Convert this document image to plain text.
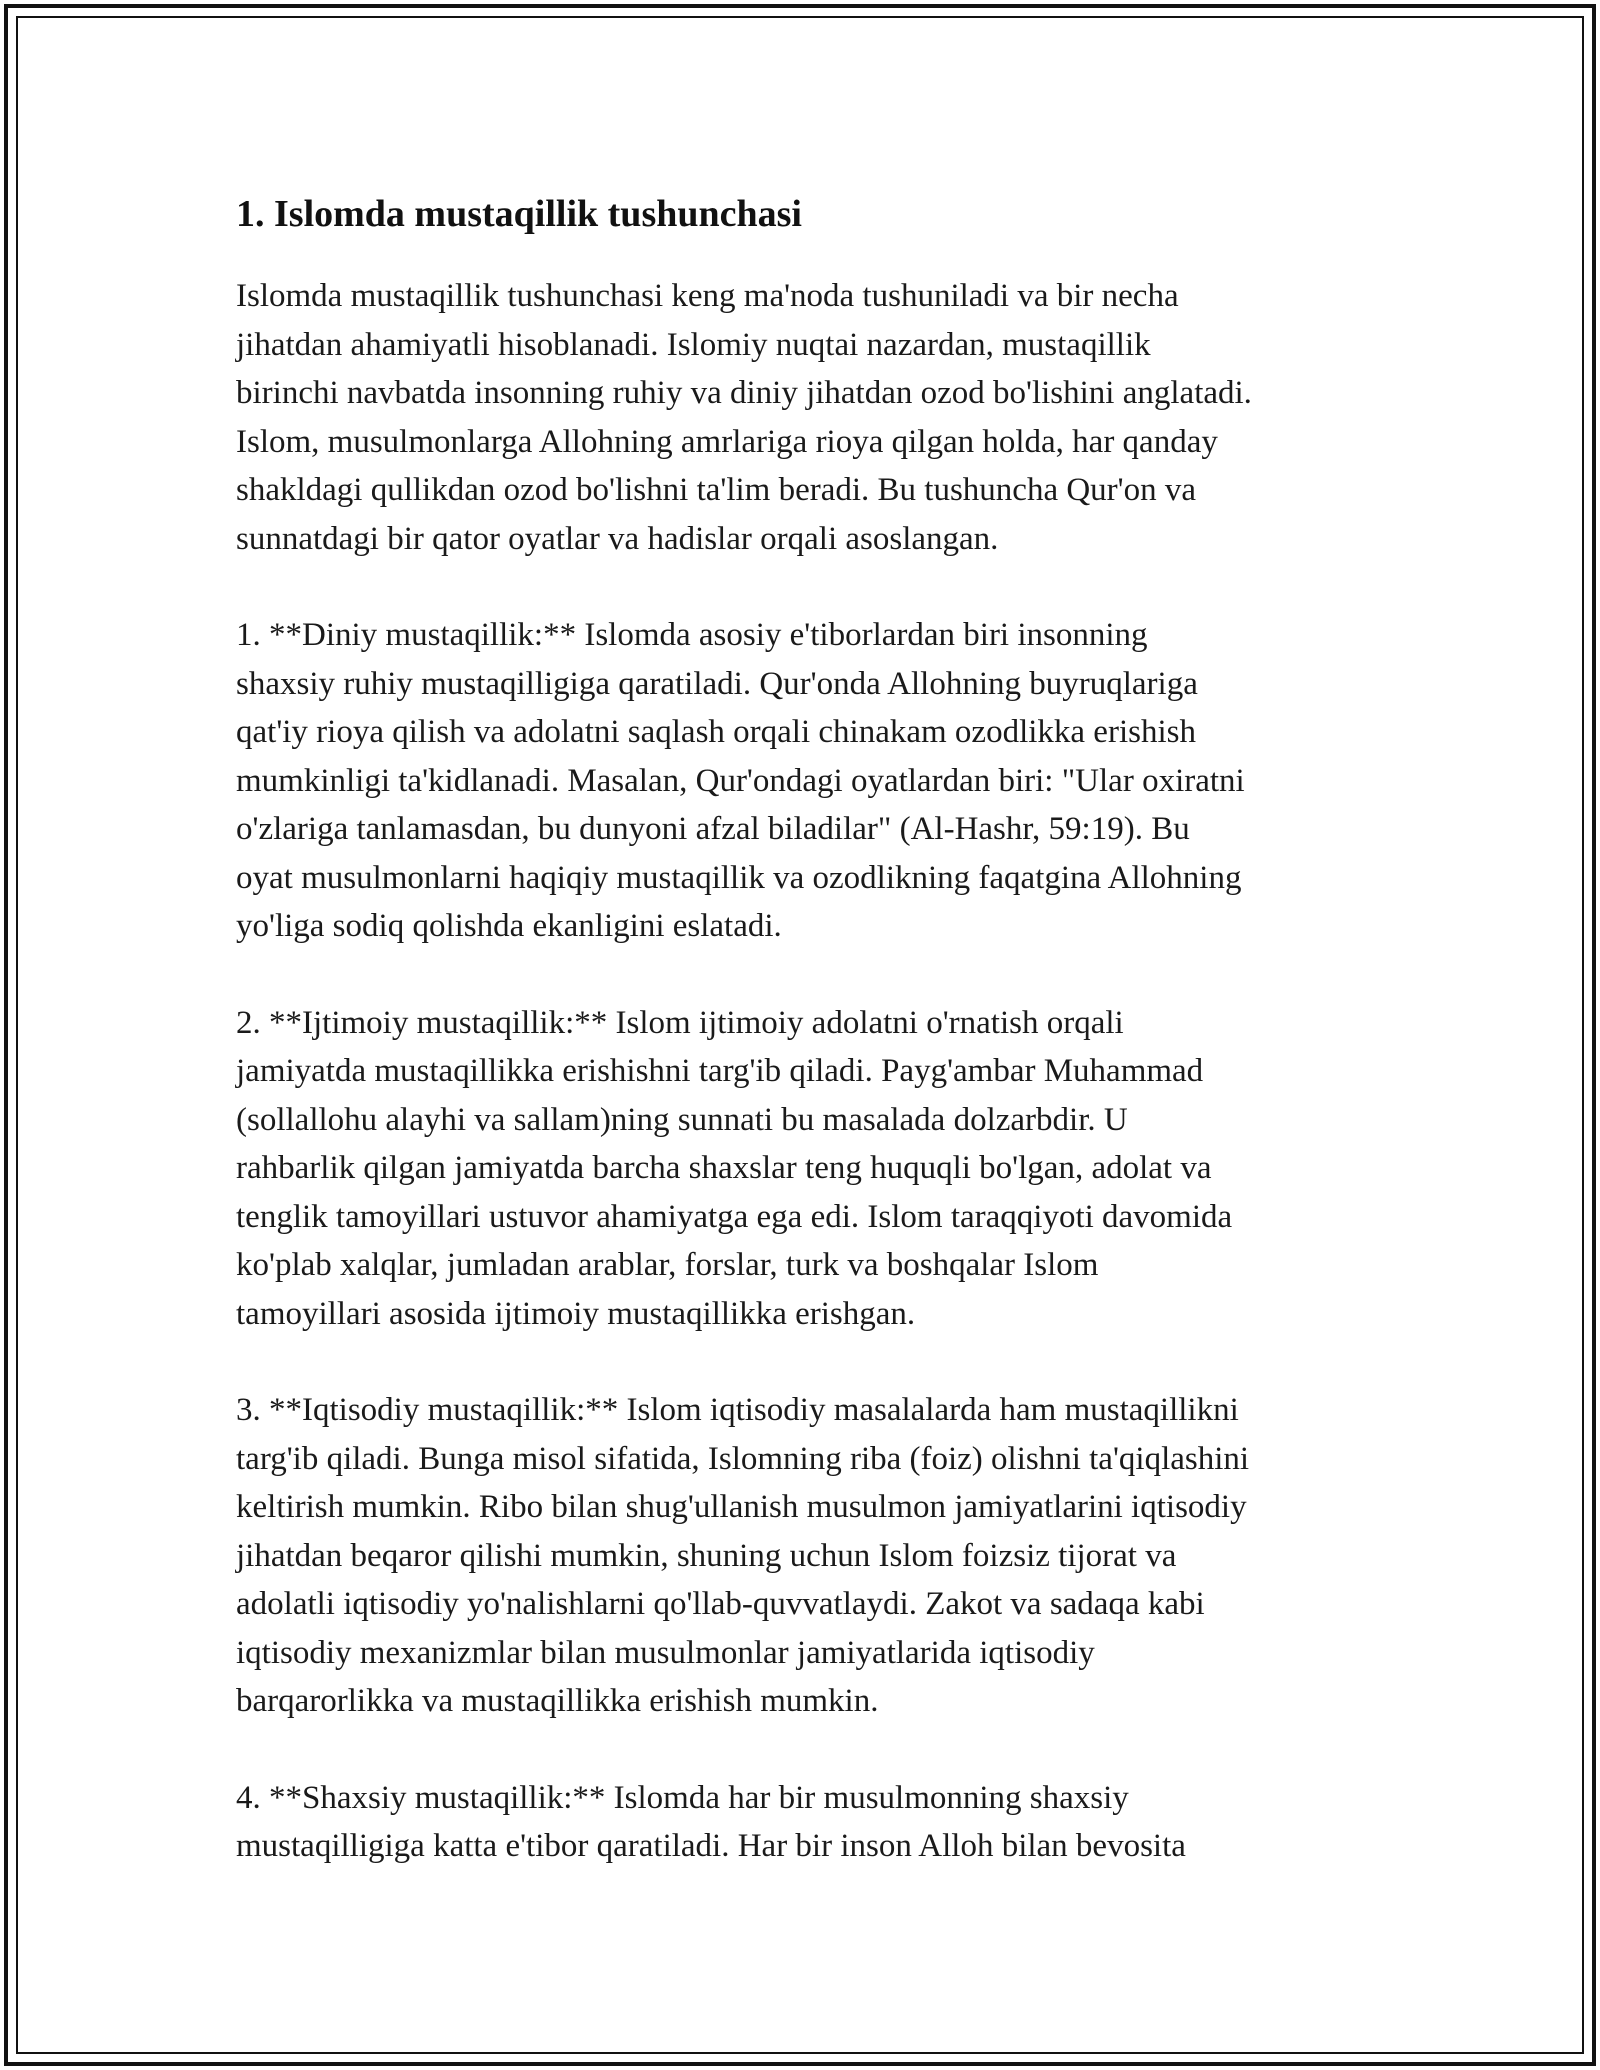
1. Islomda mustaqillik tushunchasi

Islomda mustaqillik tushunchasi keng ma'noda tushuniladi va bir necha
jihatdan ahamiyatli hisoblanadi. Islomiy nuqtai nazardan, mustaqillik
birinchi navbatda insonning ruhiy va diniy jihatdan ozod bo'lishini anglatadi.
Islom, musulmonlarga Allohning amrlariga rioya qilgan holda, har qanday
shakldagi qullikdan ozod bo'lishni ta'lim beradi. Bu tushuncha Qur'on va
sunnatdagi bir qator oyatlar va hadislar orqali asoslangan.

1. **Diniy mustaqillik:** Islomda asosiy e'tiborlardan biri insonning
shaxsiy ruhiy mustaqilligiga qaratiladi. Qur'onda Allohning buyruqlariga
qat'iy rioya qilish va adolatni saqlash orqali chinakam ozodlikka erishish
mumkinligi ta'kidlanadi. Masalan, Qur'ondagi oyatlardan biri: "Ular oxiratni
o'zlariga tanlamasdan, bu dunyoni afzal biladilar" (Al-Hashr, 59:19). Bu
oyat musulmonlarni haqiqiy mustaqillik va ozodlikning faqatgina Allohning
yo'liga sodiq qolishda ekanligini eslatadi.

2. **Ijtimoiy mustaqillik:** Islom ijtimoiy adolatni o'rnatish orqali
jamiyatda mustaqillikka erishishni targ'ib qiladi. Payg'ambar Muhammad
(sollallohu alayhi va sallam)ning sunnati bu masalada dolzarbdir. U
rahbarlik qilgan jamiyatda barcha shaxslar teng huquqli bo'lgan, adolat va
tenglik tamoyillari ustuvor ahamiyatga ega edi. Islom taraqqiyoti davomida
ko'plab xalqlar, jumladan arablar, forslar, turk va boshqalar Islom
tamoyillari asosida ijtimoiy mustaqillikka erishgan.

3. **Iqtisodiy mustaqillik:** Islom iqtisodiy masalalarda ham mustaqillikni
targ'ib qiladi. Bunga misol sifatida, Islomning riba (foiz) olishni ta'qiqlashini
keltirish mumkin. Ribo bilan shug'ullanish musulmon jamiyatlarini iqtisodiy
jihatdan beqaror qilishi mumkin, shuning uchun Islom foizsiz tijorat va
adolatli iqtisodiy yo'nalishlarni qo'llab-quvvatlaydi. Zakot va sadaqa kabi
iqtisodiy mexanizmlar bilan musulmonlar jamiyatlarida iqtisodiy
barqarorlikka va mustaqillikka erishish mumkin.

4. **Shaxsiy mustaqillik:** Islomda har bir musulmonning shaxsiy
mustaqilligiga katta e'tibor qaratiladi. Har bir inson Alloh bilan bevosita
